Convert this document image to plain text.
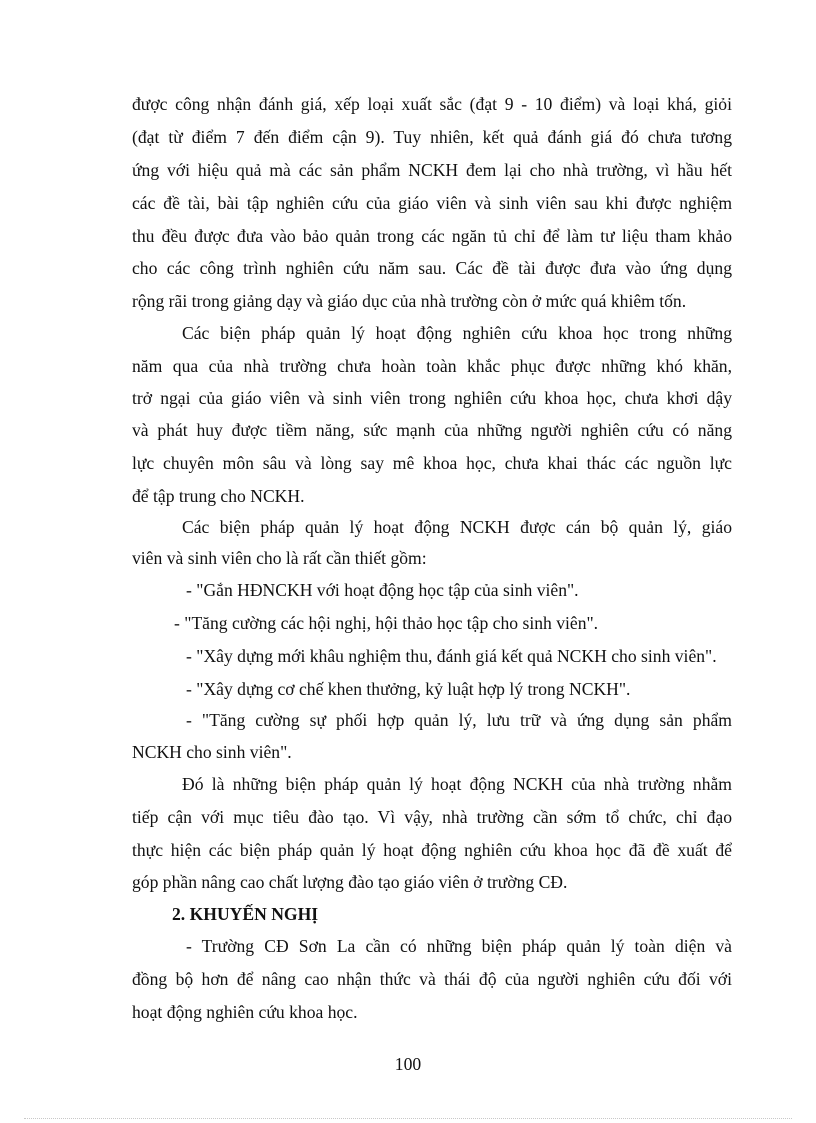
được công nhận đánh giá, xếp loại xuất sắc (đạt 9 - 10 điểm) và loại khá, giỏi
(đạt từ điểm 7 đến điểm cận 9). Tuy nhiên, kết quả đánh giá đó chưa tương
ứng với hiệu quả mà các sản phẩm NCKH đem lại cho nhà trường, vì hầu hết
các đề tài, bài tập nghiên cứu của giáo viên và sinh viên sau khi được nghiệm
thu đều được đưa vào bảo quản trong các ngăn tủ chỉ để làm tư liệu tham khảo
cho các công trình nghiên cứu năm sau. Các đề tài được đưa vào ứng dụng
rộng rãi trong giảng dạy và giáo dục của nhà trường còn ở mức quá khiêm tốn.
Các biện pháp quản lý hoạt động nghiên cứu khoa học trong những
năm qua của nhà trường chưa hoàn toàn khắc phục được những khó khăn,
trở ngại của giáo viên và sinh viên trong nghiên cứu khoa học, chưa khơi dậy
và phát huy được tiềm năng, sức mạnh của những người nghiên cứu có năng
lực chuyên môn sâu và lòng say mê khoa học, chưa khai thác các nguồn lực
để tập trung cho NCKH.
Các biện pháp quản lý hoạt động NCKH được cán bộ quản lý, giáo
viên và sinh viên cho là rất cần thiết gồm:
- "Gắn HĐNCKH với hoạt động học tập của sinh viên".
- "Tăng cường các hội nghị, hội thảo học tập cho sinh viên".
- "Xây dựng mới khâu nghiệm thu, đánh giá kết quả NCKH cho sinh viên".
- "Xây dựng cơ chế khen thưởng, kỷ luật hợp lý trong NCKH".
- "Tăng cường sự phối hợp quản lý, lưu trữ và ứng dụng sản phẩm
NCKH cho sinh viên".
Đó là những biện pháp quản lý hoạt động NCKH của nhà trường nhằm
tiếp cận với mục tiêu đào tạo. Vì vậy, nhà trường cần sớm tổ chức, chỉ đạo
thực hiện các biện pháp quản lý hoạt động nghiên cứu khoa học đã đề xuất để
góp phần nâng cao chất lượng đào tạo giáo viên ở trường CĐ.
2. KHUYẾN NGHỊ
- Trường CĐ Sơn La cần có những biện pháp quản lý toàn diện và
đồng bộ hơn để nâng cao nhận thức và thái độ của người nghiên cứu đối với
hoạt động nghiên cứu khoa học.
100
